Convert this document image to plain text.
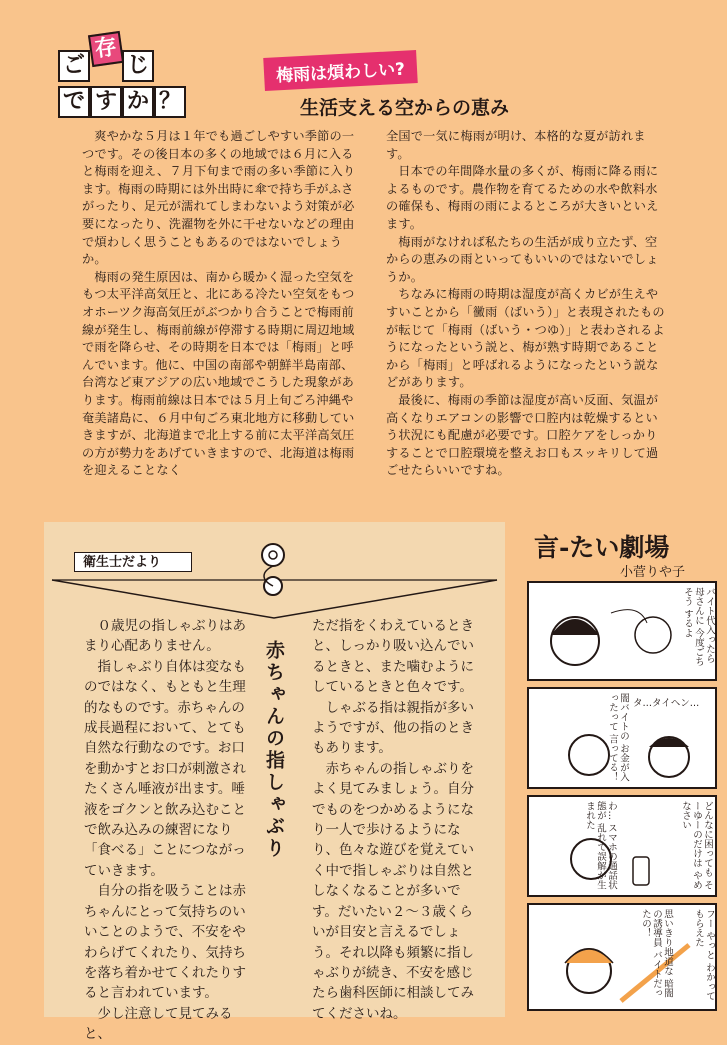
ご
存
じ
で す か ？
梅雨は煩わしい?
生活支える空からの恵み

爽やかな５月は１年でも過ごしやすい季節の一つです。その後日本の多くの地域では６月に入ると梅雨を迎え、７月下旬まで雨の多い季節に入ります。梅雨の時期には外出時に傘で持ち手がふさがったり、足元が濡れてしまわないよう対策が必要になったり、洗濯物を外に干せないなどの理由で煩わしく思うこともあるのではないでしょうか。

梅雨の発生原因は、南から暖かく湿った空気をもつ太平洋高気圧と、北にある冷たい空気をもつオホーツク海高気圧がぶつかり合うことで梅雨前線が発生し、梅雨前線が停滞する時期に周辺地域で雨を降らせ、その時期を日本では「梅雨」と呼んでいます。他に、中国の南部や朝鮮半島南部、台湾など東アジアの広い地域でこうした現象があります。梅雨前線は日本では５月上旬ごろ沖縄や奄美諸島に、６月中旬ごろ東北地方に移動していきますが、北海道まで北上する前に太平洋高気圧の方が勢力をあげていきますので、北海道は梅雨を迎えることなく

全国で一気に梅雨が明け、本格的な夏が訪れます。

日本での年間降水量の多くが、梅雨に降る雨によるものです。農作物を育てるための水や飲料水の確保も、梅雨の雨によるところが大きいといえます。

梅雨がなければ私たちの生活が成り立たず、空からの恵みの雨といってもいいのではないでしょうか。

ちなみに梅雨の時期は湿度が高くカビが生えやすいことから「黴雨（ばいう）」と表現されたものが転じて「梅雨（ばいう・つゆ）」と表わされるようになったという説と、梅が熟す時期であることから「梅雨」と呼ばれるようになったという説などがあります。

最後に、梅雨の季節は湿度が高い反面、気温が高くなりエアコンの影響で口腔内は乾燥するという状況にも配慮が必要です。口腔ケアをしっかりすることで口腔環境を整えお口もスッキリして過ごせたらいいですね。

衛生士だより
赤ちゃんの指しゃぶり

０歳児の指しゃぶりはあまり心配ありません。

指しゃぶり自体は変なものではなく、もともと生理的なものです。赤ちゃんの成長過程において、とても自然な行動なのです。お口を動かすとお口が刺激されたくさん唾液が出ます。唾液をゴクンと飲み込むことで飲み込みの練習になり「食べる」ことにつながっていきます。

自分の指を吸うことは赤ちゃんにとって気持ちのいいことのようで、不安をやわらげてくれたり、気持ちを落ち着かせてくれたりすると言われています。

少し注意して見てみると、

ただ指をくわえているときと、しっかり吸い込んでいるときと、また噛むようにしているときと色々です。

しゃぶる指は親指が多いようですが、他の指のときもあります。

赤ちゃんの指しゃぶりをよく見てみましょう。自分でものをつかめるようになり一人で歩けるようになり、色々な遊びを覚えていく中で指しゃぶりは自然としなくなることが多いです。だいたい２〜３歳くらいが目安と言えるでしょう。それ以降も頻繁に指しゃぶりが続き、不安を感じたら歯科医師に相談してみてくださいね。

言-たい劇場
小菅りや子
バイト代入ったら 母さんに 今度ごちそう するよ
闇バイトの お金が入ったって 言ってる！
タ…タイヘン…
わ… スマホの通話状態が 乱れて誤解が生まれた	どんなに困っても そーゆーのだけは やめなさい
思いきり地道な 暗闇の誘導員 バイトだったの！	フー やっと わかって もらえた
